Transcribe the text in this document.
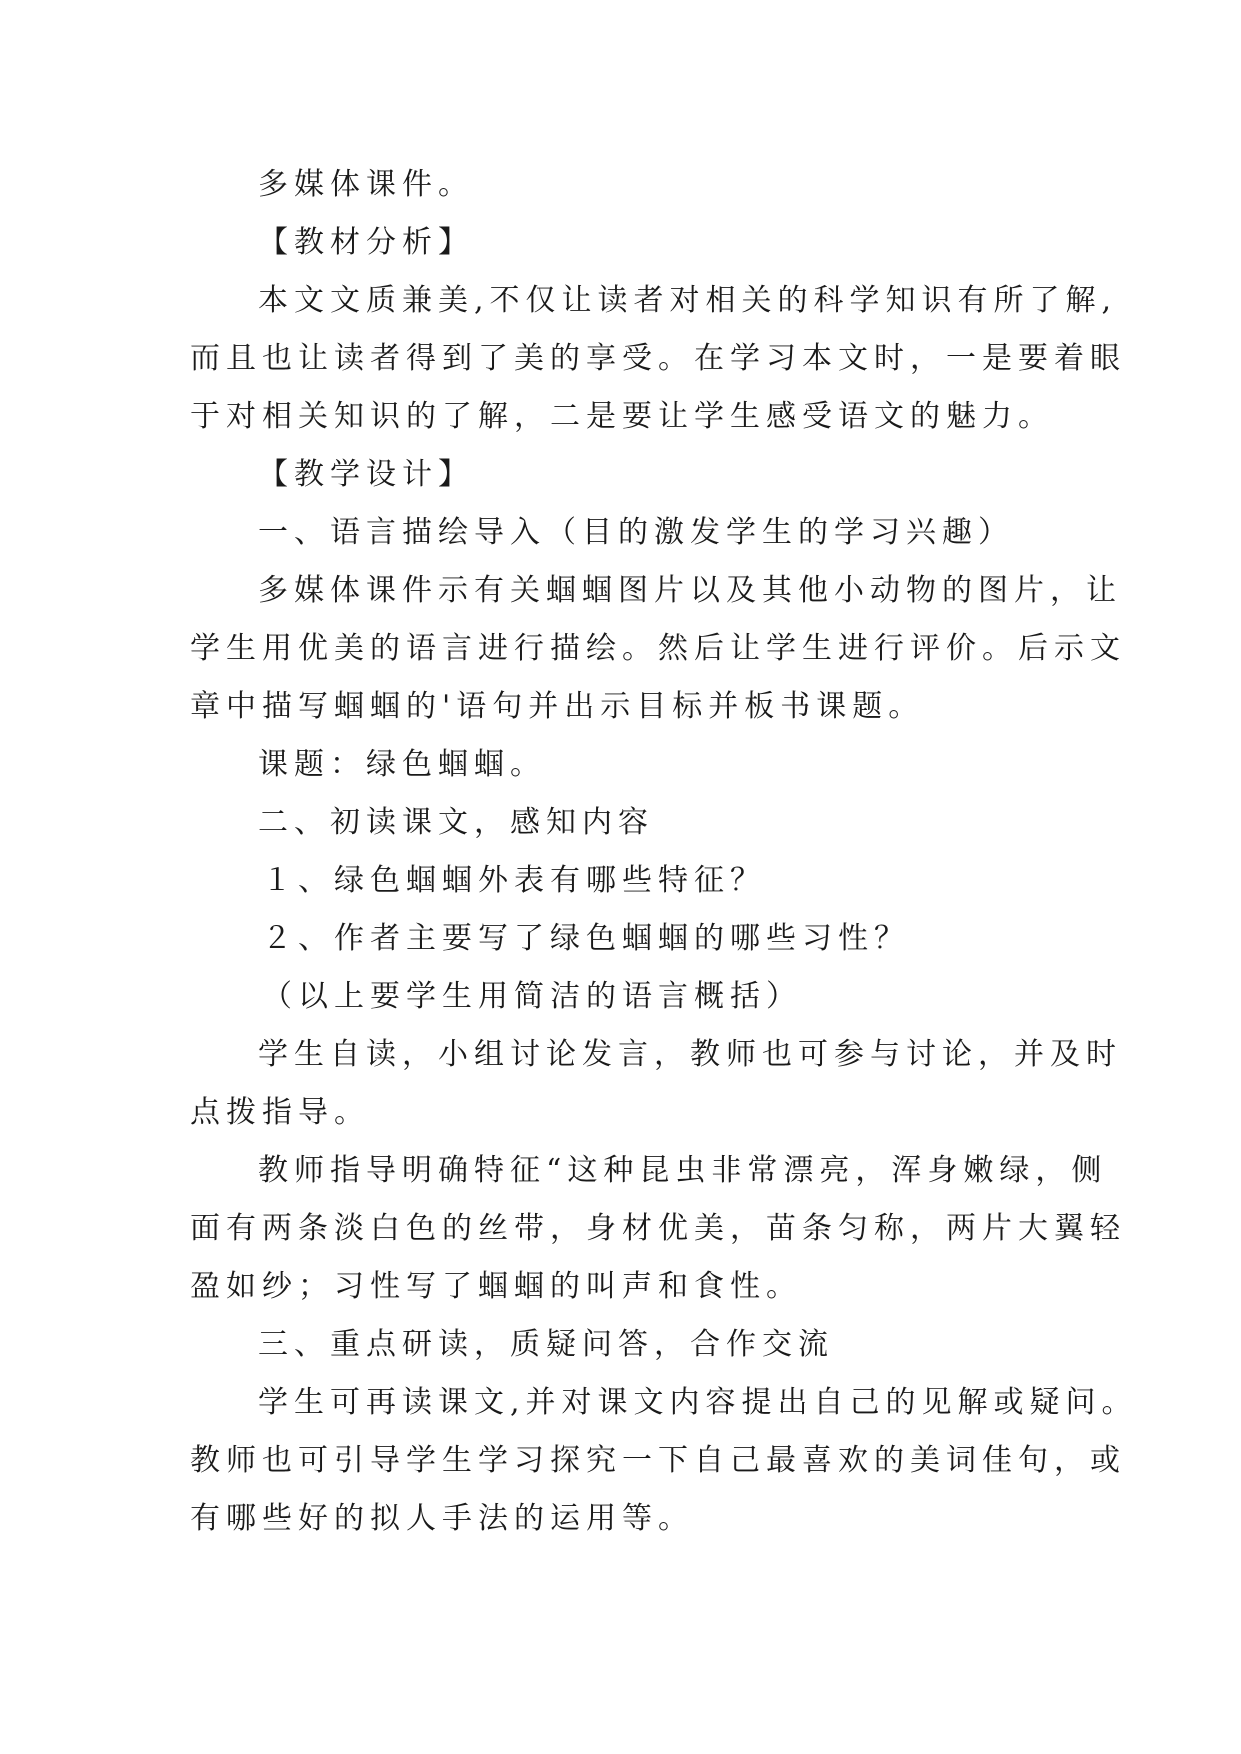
多媒体课件。
【教材分析】
本文文质兼美,不仅让读者对相关的科学知识有所了解,
而且也让读者得到了美的享受。在学习本文时，一是要着眼
于对相关知识的了解，二是要让学生感受语文的魅力。
【教学设计】
一、语言描绘导入（目的激发学生的学习兴趣）
多媒体课件示有关蝈蝈图片以及其他小动物的图片，让
学生用优美的语言进行描绘。然后让学生进行评价。后示文
章中描写蝈蝈的'语句并出示目标并板书课题。
课题：绿色蝈蝈。
二、初读课文，感知内容
１、绿色蝈蝈外表有哪些特征？
２、作者主要写了绿色蝈蝈的哪些习性？
（以上要学生用简洁的语言概括）
学生自读，小组讨论发言，教师也可参与讨论，并及时
点拨指导。
教师指导明确特征“这种昆虫非常漂亮，浑身嫩绿，侧
面有两条淡白色的丝带，身材优美，苗条匀称，两片大翼轻
盈如纱；习性写了蝈蝈的叫声和食性。
三、重点研读，质疑问答，合作交流
学生可再读课文,并对课文内容提出自己的见解或疑问。
教师也可引导学生学习探究一下自己最喜欢的美词佳句，或
有哪些好的拟人手法的运用等。
